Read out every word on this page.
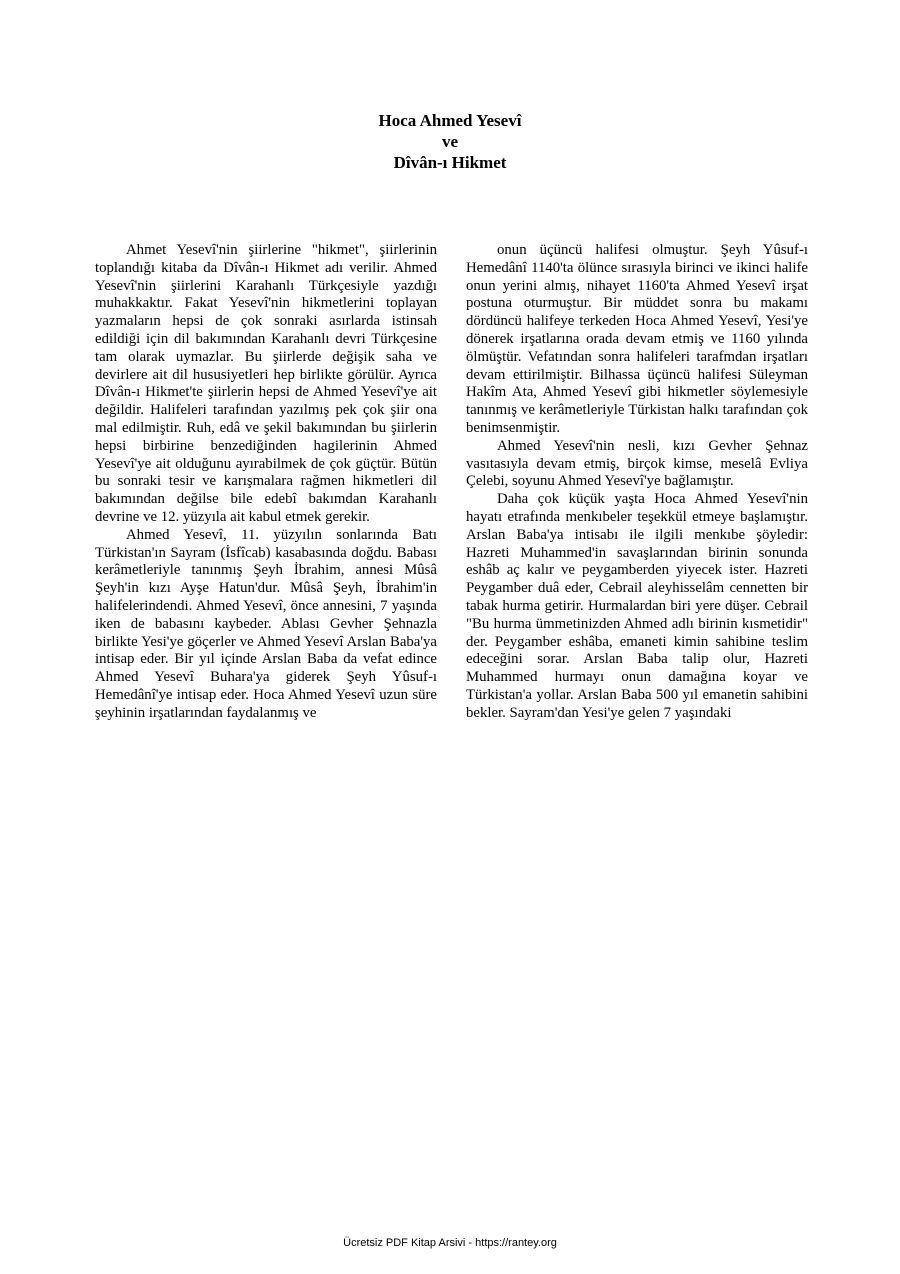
Hoca Ahmed Yesevî
ve
Dîvân-ı Hikmet

Ahmet Yesevî'nin şiirlerine "hikmet", şiirlerinin toplandığı kitaba da Dîvân-ı Hikmet adı verilir. Ahmed Yesevî'nin şiirlerini Karahanlı Türkçesiyle yazdığı muhakkaktır. Fakat Yesevî'nin hikmetlerini toplayan yazmaların hepsi de çok sonraki asırlarda istinsah edildiği için dil bakımından Karahanlı devri Türkçesine tam olarak uymazlar. Bu şiirlerde değişik saha ve devirlere ait dil hususiyetleri hep birlikte görülür. Ayrıca Dîvân-ı Hikmet'te şiirlerin hepsi de Ahmed Yesevî'ye ait değildir. Halifeleri tarafından yazılmış pek çok şiir ona mal edilmiştir. Ruh, edâ ve şekil bakımından bu şiirlerin hepsi birbirine benzediğinden hagilerinin Ahmed Yesevî'ye ait olduğunu ayırabilmek de çok güçtür. Bütün bu sonraki tesir ve karışmalara rağmen hikmetleri dil bakımından değilse bile edebî bakımdan Karahanlı devrine ve 12. yüzyıla ait kabul etmek gerekir.

Ahmed Yesevî, 11. yüzyılın sonlarında Batı Türkistan'ın Sayram (İsfîcab) kasabasında doğdu. Babası kerâmetleriyle tanınmış Şeyh İbrahim, annesi Mûsâ Şeyh'in kızı Ayşe Hatun'dur. Mûsâ Şeyh, İbrahim'in halifelerindendi. Ahmed Yesevî, önce annesini, 7 yaşında iken de babasını kaybeder. Ablası Gevher Şehnazla birlikte Yesi'ye göçerler ve Ahmed Yesevî Arslan Baba'ya intisap eder. Bir yıl içinde Arslan Baba da vefat edince Ahmed Yesevî Buhara'ya giderek Şeyh Yûsuf-ı Hemedânî'ye intisap eder. Hoca Ahmed Yesevî uzun süre şeyhinin irşatlarından faydalanmış ve

onun üçüncü halifesi olmuştur. Şeyh Yûsuf-ı Hemedânî 1140'ta ölünce sırasıyla birinci ve ikinci halife onun yerini almış, nihayet 1160'ta Ahmed Yesevî irşat postuna oturmuştur. Bir müddet sonra bu makamı dördüncü halifeye terkeden Hoca Ahmed Yesevî, Yesi'ye dönerek irşatlarına orada devam etmiş ve 1160 yılında ölmüştür. Vefatından sonra halifeleri tarafmdan irşatları devam ettirilmiştir. Bilhassa üçüncü halifesi Süleyman Hakîm Ata, Ahmed Yesevî gibi hikmetler söylemesiyle tanınmış ve kerâmetleriyle Türkistan halkı tarafından çok benimsenmiştir.

Ahmed Yesevî'nin nesli, kızı Gevher Şehnaz vasıtasıyla devam etmiş, birçok kimse, meselâ Evliya Çelebi, soyunu Ahmed Yesevî'ye bağlamıştır.

Daha çok küçük yaşta Hoca Ahmed Yesevî'nin hayatı etrafında menkıbeler teşekkül etmeye başlamıştır. Arslan Baba'ya intisabı ile ilgili menkıbe şöyledir: Hazreti Muhammed'in savaşlarından birinin sonunda eshâb aç kalır ve peygamberden yiyecek ister. Hazreti Peygamber duâ eder, Cebrail aleyhisselâm cennetten bir tabak hurma getirir. Hurmalardan biri yere düşer. Cebrail "Bu hurma ümmetinizden Ahmed adlı birinin kısmetidir" der. Peygamber eshâba, emaneti kimin sahibine teslim edeceğini sorar. Arslan Baba talip olur, Hazreti Muhammed hurmayı onun damağına koyar ve Türkistan'a yollar. Arslan Baba 500 yıl emanetin sahibini bekler. Sayram'dan Yesi'ye gelen 7 yaşındaki

Ücretsiz PDF Kitap Arsivi - https://rantey.org
